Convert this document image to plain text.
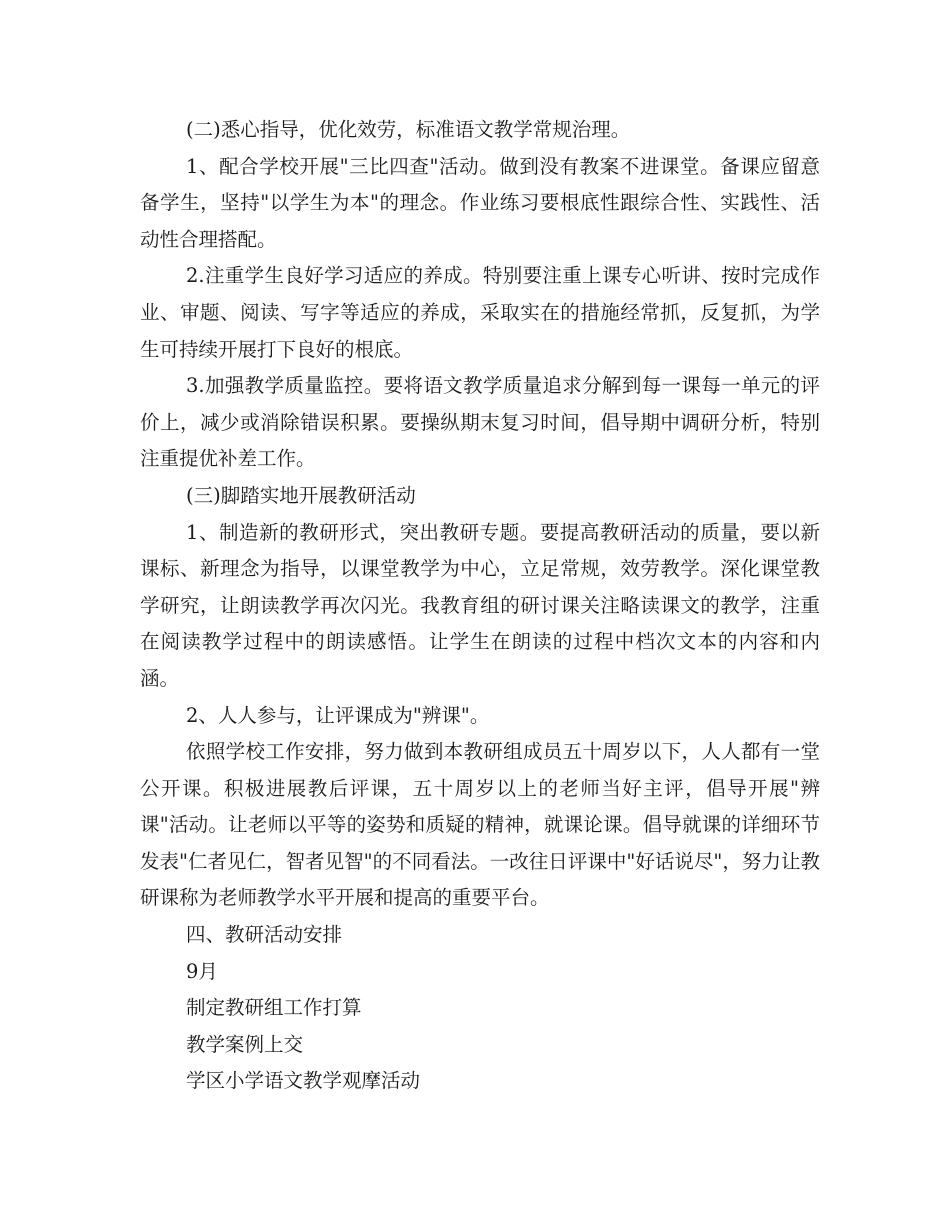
(二)悉心指导，优化效劳，标准语文教学常规治理。

1、配合学校开展"三比四查"活动。做到没有教案不进课堂。备课应留意备学生，坚持"以学生为本"的理念。作业练习要根底性跟综合性、实践性、活动性合理搭配。

2.注重学生良好学习适应的养成。特别要注重上课专心听讲、按时完成作业、审题、阅读、写字等适应的养成，采取实在的措施经常抓，反复抓，为学生可持续开展打下良好的根底。

3.加强教学质量监控。要将语文教学质量追求分解到每一课每一单元的评价上，减少或消除错误积累。要操纵期末复习时间，倡导期中调研分析，特别注重提优补差工作。

(三)脚踏实地开展教研活动

1、制造新的教研形式，突出教研专题。要提高教研活动的质量，要以新课标、新理念为指导，以课堂教学为中心，立足常规，效劳教学。深化课堂教学研究，让朗读教学再次闪光。我教育组的研讨课关注略读课文的教学，注重在阅读教学过程中的朗读感悟。让学生在朗读的过程中档次文本的内容和内涵。

2、人人参与，让评课成为"辨课"。

依照学校工作安排，努力做到本教研组成员五十周岁以下，人人都有一堂公开课。积极进展教后评课，五十周岁以上的老师当好主评，倡导开展"辨课"活动。让老师以平等的姿势和质疑的精神，就课论课。倡导就课的详细环节发表"仁者见仁，智者见智"的不同看法。一改往日评课中"好话说尽"，努力让教研课称为老师教学水平开展和提高的重要平台。

四、教研活动安排

9月

制定教研组工作打算

教学案例上交

学区小学语文教学观摩活动
